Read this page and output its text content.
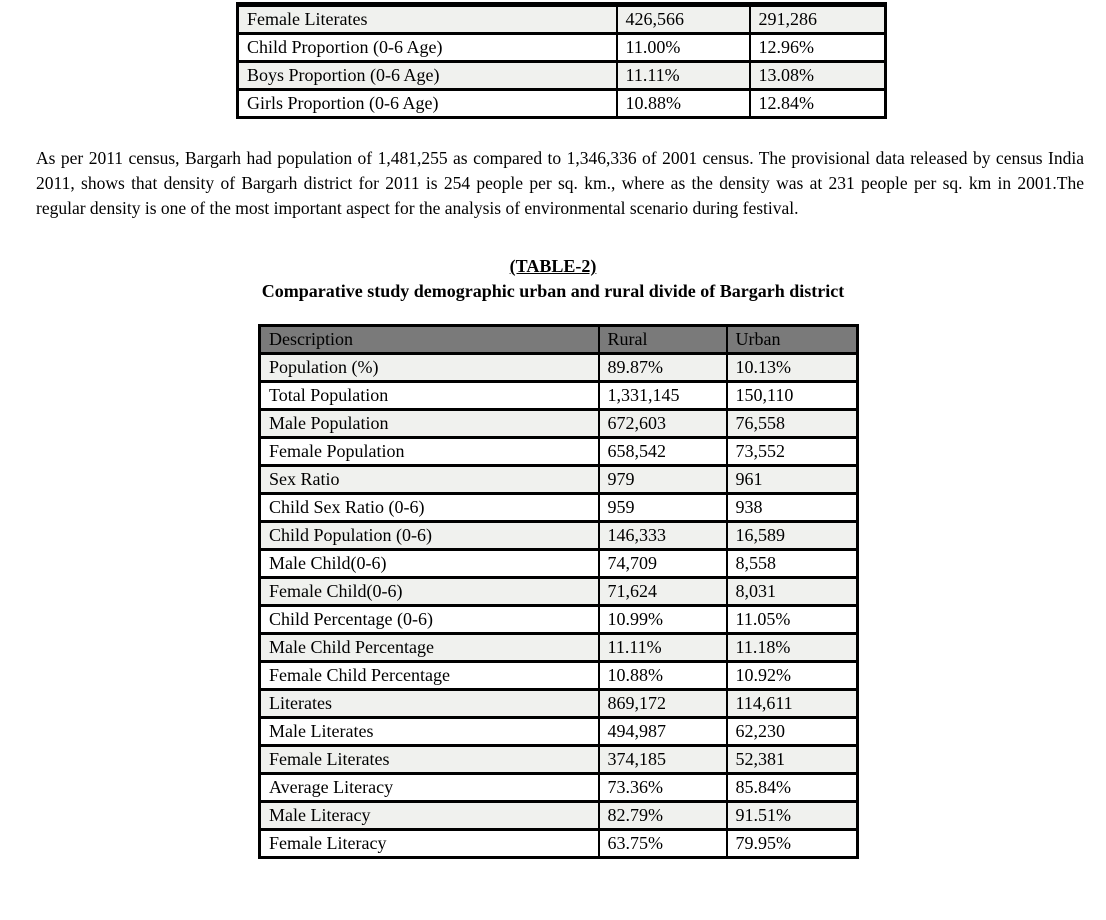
Female Literates	426,566	291,286
Child Proportion (0-6 Age)	11.00%	12.96%
Boys Proportion (0-6 Age)	11.11%	13.08%
Girls Proportion (0-6 Age)	10.88%	12.84%

As per 2011 census, Bargarh had population of 1,481,255 as compared to 1,346,336 of 2001 census. The provisional data released by census India 2011, shows that density of Bargarh district for 2011 is 254 people per sq. km., where as the density was at 231 people per sq. km in 2001.The regular density is one of the most important aspect for the analysis of environmental scenario during festival.

(TABLE-2)
Comparative study demographic urban and rural divide of Bargarh district
Description	Rural	Urban
Population (%)	89.87%	10.13%
Total Population	1,331,145	150,110
Male Population	672,603	76,558
Female Population	658,542	73,552
Sex Ratio	979	961
Child Sex Ratio (0-6)	959	938
Child Population (0-6)	146,333	16,589
Male Child(0-6)	74,709	8,558
Female Child(0-6)	71,624	8,031
Child Percentage (0-6)	10.99%	11.05%
Male Child Percentage	11.11%	11.18%
Female Child Percentage	10.88%	10.92%
Literates	869,172	114,611
Male Literates	494,987	62,230
Female Literates	374,185	52,381
Average Literacy	73.36%	85.84%
Male Literacy	82.79%	91.51%
Female Literacy	63.75%	79.95%
